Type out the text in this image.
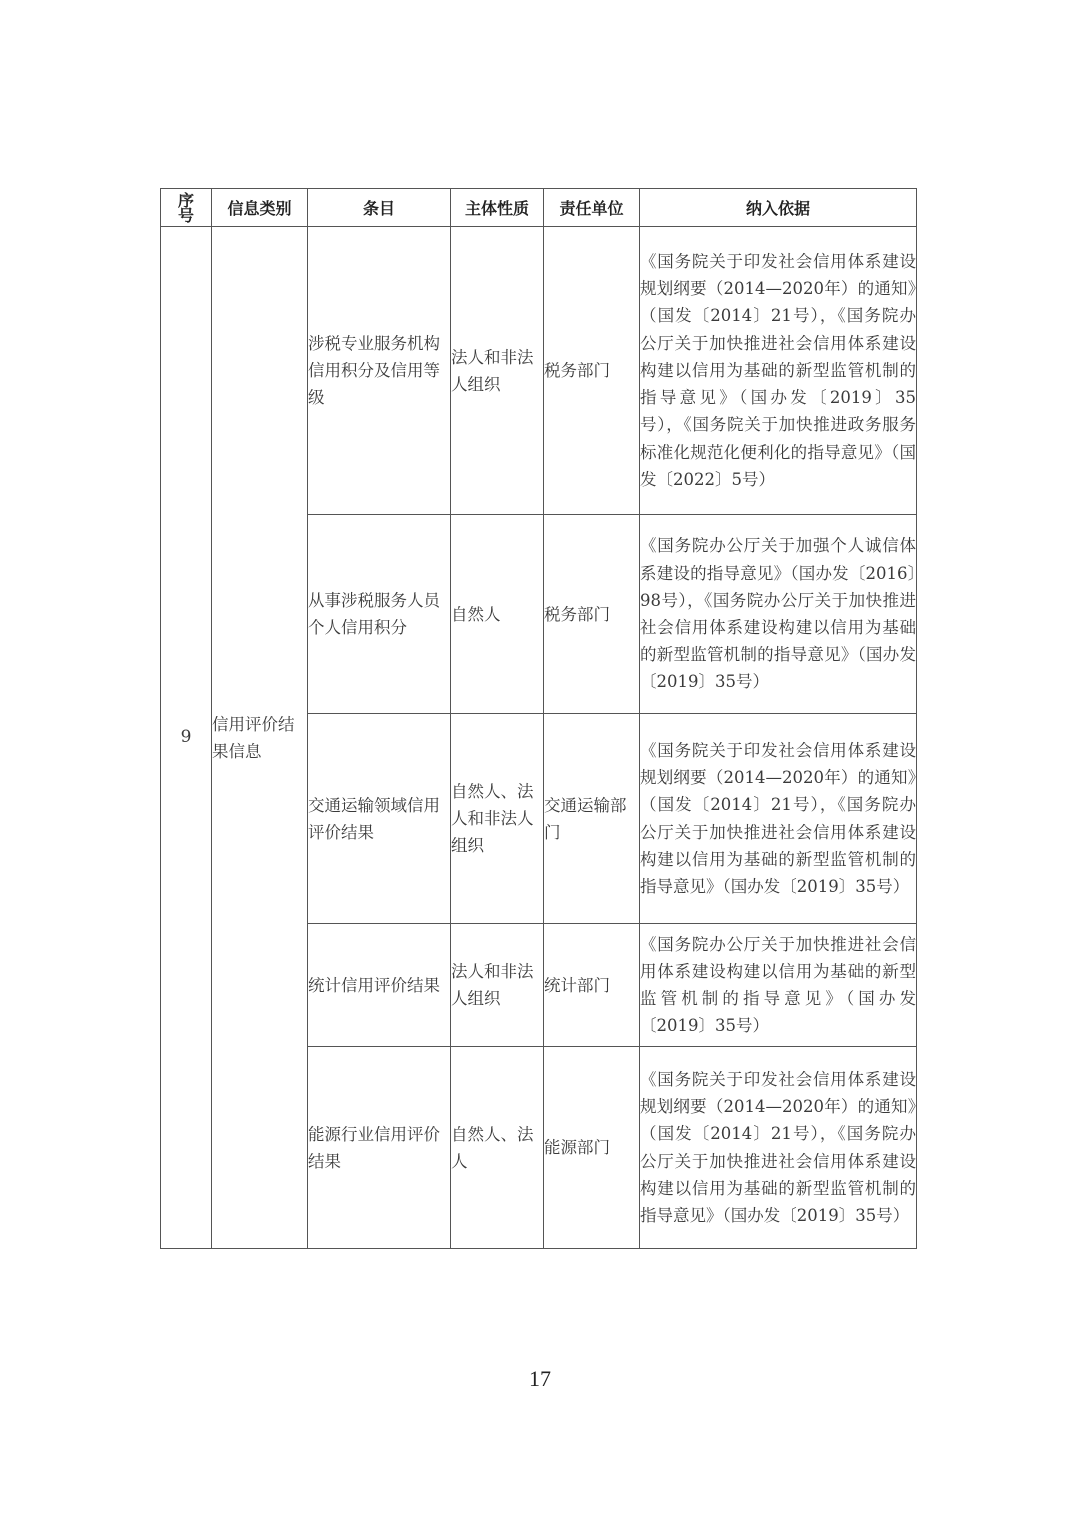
序号	信息类别	条目	主体性质	责任单位	纳入依据
9	信用评价结果信息	涉税专业服务机构信用积分及信用等级	法人和非法人组织	税务部门	《国务院关于印发社会信用体系建设规划纲要（2014—2020年）的通知》（国发〔2014〕21号），《国务院办公厅关于加快推进社会信用体系建设构建以信用为基础的新型监管机制的指导意见》（国办发〔2019〕35号），《国务院关于加快推进政务服务标准化规范化便利化的指导意见》（国发〔2022〕5号）
		从事涉税服务人员个人信用积分	自然人	税务部门	《国务院办公厅关于加强个人诚信体系建设的指导意见》（国办发〔2016〕98号），《国务院办公厅关于加快推进社会信用体系建设构建以信用为基础的新型监管机制的指导意见》（国办发〔2019〕35号）
		交通运输领域信用评价结果	自然人、法人和非法人组织	交通运输部门	《国务院关于印发社会信用体系建设规划纲要（2014—2020年）的通知》（国发〔2014〕21号），《国务院办公厅关于加快推进社会信用体系建设构建以信用为基础的新型监管机制的指导意见》（国办发〔2019〕35号）
		统计信用评价结果	法人和非法人组织	统计部门	《国务院办公厅关于加快推进社会信用体系建设构建以信用为基础的新型监管机制的指导意见》（国办发〔2019〕35号）
		能源行业信用评价结果	自然人、法人	能源部门	《国务院关于印发社会信用体系建设规划纲要（2014—2020年）的通知》（国发〔2014〕21号），《国务院办公厅关于加快推进社会信用体系建设构建以信用为基础的新型监管机制的指导意见》（国办发〔2019〕35号）
17
